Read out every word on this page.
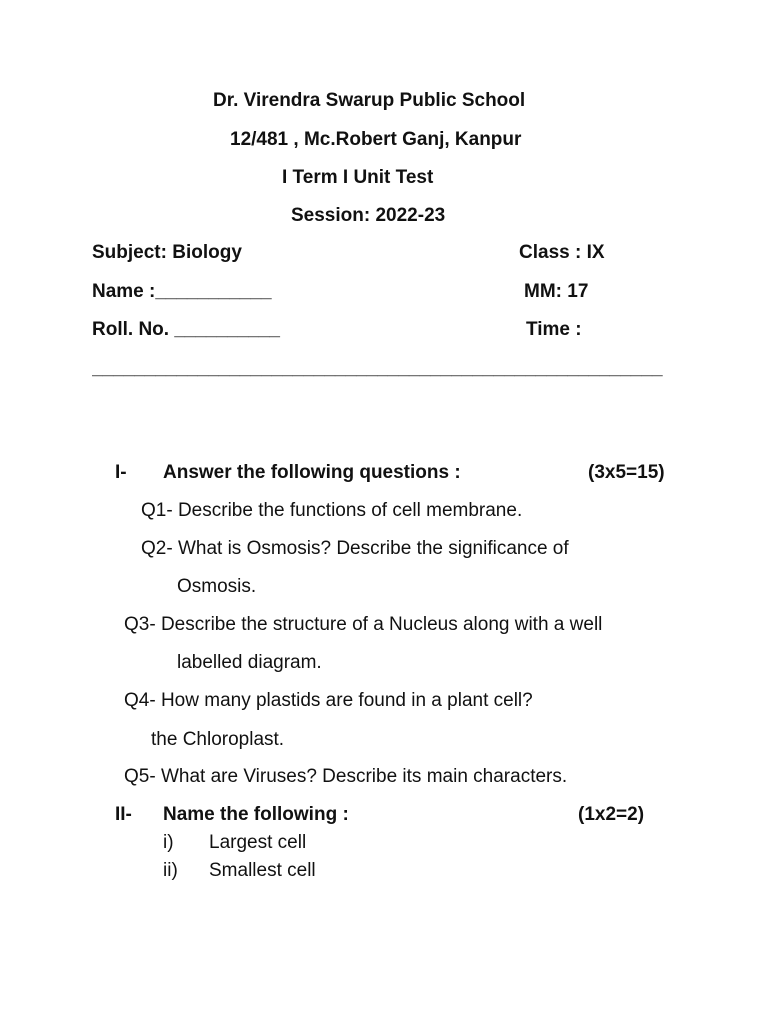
Dr. Virendra Swarup Public School
12/481 , Mc.Robert Ganj, Kanpur
I Term I Unit Test
Session: 2022-23
Subject: Biology	Class : IX
Name :___________	MM: 17
Roll. No. __________	Time :
______________________________________________________
I- Answer the following questions :	(3x5=15)
Q1- Describe the functions of cell membrane.
Q2- What is Osmosis? Describe the significance of
Osmosis.
Q3- Describe the structure of a Nucleus along with a well
labelled diagram.
Q4- How many plastids are found in a plant cell?
the Chloroplast.
Q5- What are Viruses? Describe its main characters.
II- Name the following :	(1x2=2)
i) Largest cell
ii) Smallest cell
